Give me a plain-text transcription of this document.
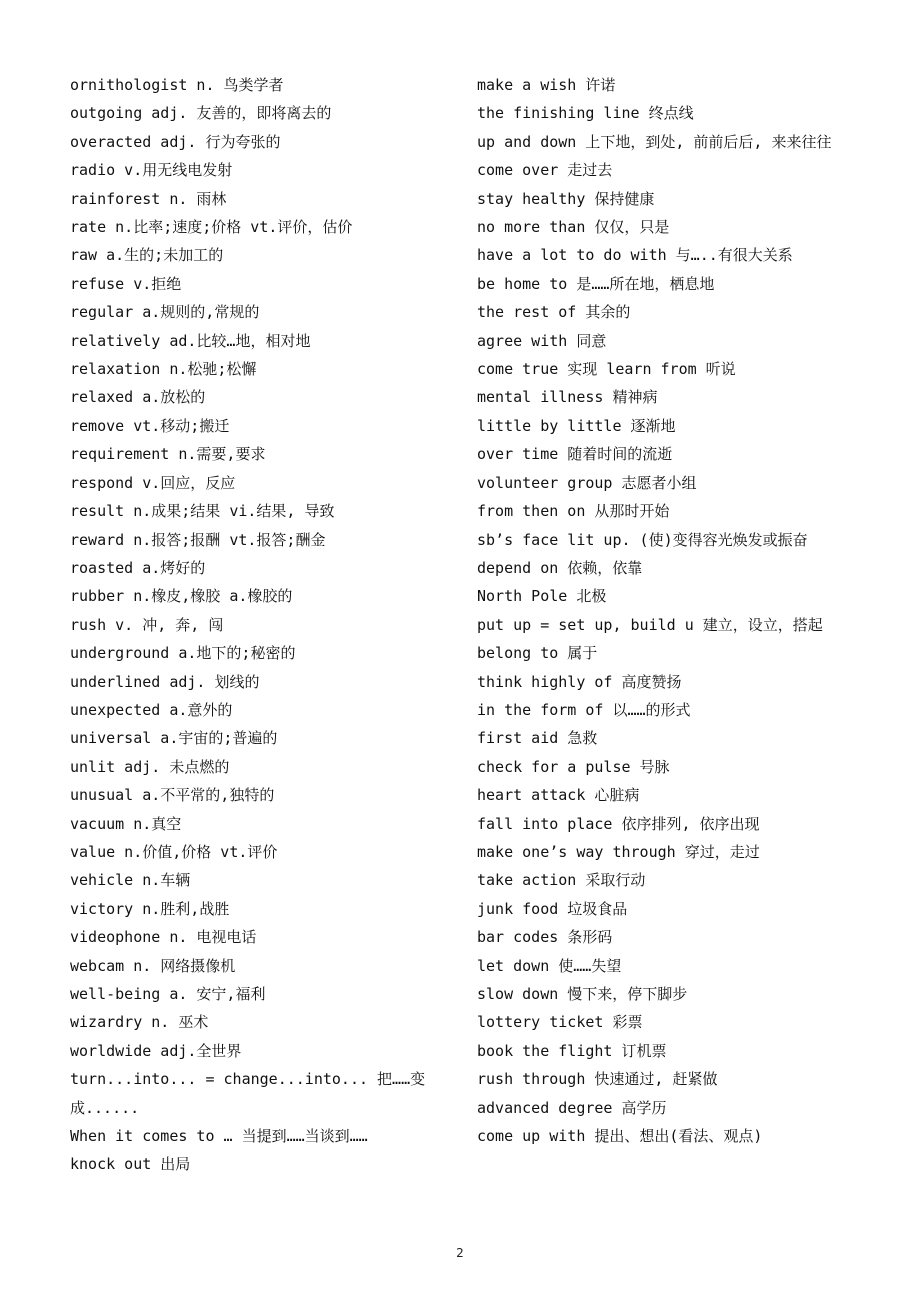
ornithologist n. 鸟类学者
outgoing adj. 友善的，即将离去的
overacted adj. 行为夸张的
radio v.用无线电发射
rainforest n. 雨林
rate n.比率;速度;价格 vt.评价，估价
raw a.生的;未加工的
refuse v.拒绝
regular a.规则的,常规的
relatively ad.比较…地，相对地
relaxation n.松驰;松懈
relaxed a.放松的
remove vt.移动;搬迁
requirement n.需要,要求
respond v.回应，反应
result n.成果;结果 vi.结果, 导致
reward n.报答;报酬 vt.报答;酬金
roasted a.烤好的
rubber n.橡皮,橡胶 a.橡胶的
rush v. 冲, 奔, 闯
underground a.地下的;秘密的
underlined adj. 划线的
unexpected a.意外的
universal a.宇宙的;普遍的
unlit adj. 未点燃的
unusual a.不平常的,独特的
vacuum n.真空
value n.价值,价格 vt.评价
vehicle n.车辆
victory n.胜利,战胜
videophone n. 电视电话
webcam n. 网络摄像机
well-being a. 安宁,福利
wizardry n. 巫术
worldwide adj.全世界
turn...into... = change...into... 把……变成......
When it comes to … 当提到……当谈到……
knock out 出局
make a wish 许诺
the finishing line 终点线
up and down 上下地，到处, 前前后后, 来来往往
come over 走过去
stay healthy 保持健康
no more than 仅仅，只是
have a lot to do with 与…..有很大关系
be home to 是……所在地，栖息地
the rest of 其余的
agree with 同意
come true 实现 learn from 听说
mental illness 精神病
little by little 逐渐地
over time 随着时间的流逝
volunteer group 志愿者小组
from then on 从那时开始
sb’s face lit up. (使)变得容光焕发或振奋
depend on 依赖，依靠
North Pole 北极
put up = set up, build u 建立，设立，搭起
belong to 属于
think highly of 高度赞扬
in the form of 以……的形式
first aid 急救
check for a pulse 号脉
heart attack 心脏病
fall into place 依序排列, 依序出现
make one’s way through 穿过，走过
take action 采取行动
junk food 垃圾食品
bar codes 条形码
let down 使……失望
slow down 慢下来，停下脚步
lottery ticket 彩票
book the flight 订机票
rush through 快速通过, 赶紧做
advanced degree 高学历
come up with 提出、想出(看法、观点)
2
